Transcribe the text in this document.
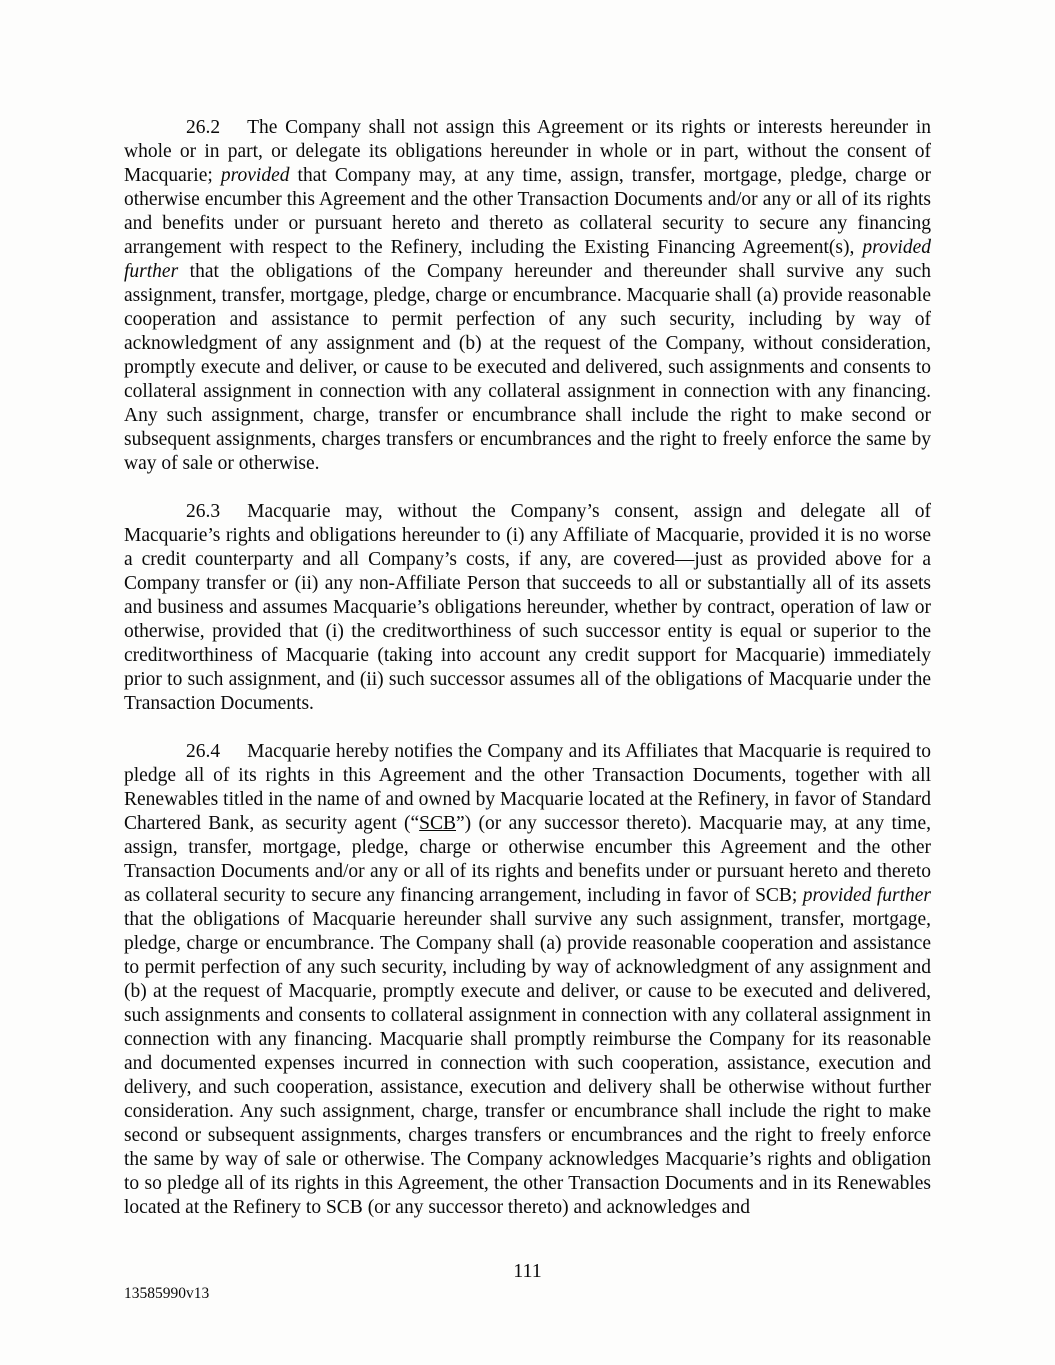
26.2 The Company shall not assign this Agreement or its rights or interests hereunder in whole or in part, or delegate its obligations hereunder in whole or in part, without the consent of Macquarie; provided that Company may, at any time, assign, transfer, mortgage, pledge, charge or otherwise encumber this Agreement and the other Transaction Documents and/or any or all of its rights and benefits under or pursuant hereto and thereto as collateral security to secure any financing arrangement with respect to the Refinery, including the Existing Financing Agreement(s), provided further that the obligations of the Company hereunder and thereunder shall survive any such assignment, transfer, mortgage, pledge, charge or encumbrance. Macquarie shall (a) provide reasonable cooperation and assistance to permit perfection of any such security, including by way of acknowledgment of any assignment and (b) at the request of the Company, without consideration, promptly execute and deliver, or cause to be executed and delivered, such assignments and consents to collateral assignment in connection with any collateral assignment in connection with any financing. Any such assignment, charge, transfer or encumbrance shall include the right to make second or subsequent assignments, charges transfers or encumbrances and the right to freely enforce the same by way of sale or otherwise.

26.3 Macquarie may, without the Company’s consent, assign and delegate all of Macquarie’s rights and obligations hereunder to (i) any Affiliate of Macquarie, provided it is no worse a credit counterparty and all Company’s costs, if any, are covered—just as provided above for a Company transfer or (ii) any non-Affiliate Person that succeeds to all or substantially all of its assets and business and assumes Macquarie’s obligations hereunder, whether by contract, operation of law or otherwise, provided that (i) the creditworthiness of such successor entity is equal or superior to the creditworthiness of Macquarie (taking into account any credit support for Macquarie) immediately prior to such assignment, and (ii) such successor assumes all of the obligations of Macquarie under the Transaction Documents.

26.4 Macquarie hereby notifies the Company and its Affiliates that Macquarie is required to pledge all of its rights in this Agreement and the other Transaction Documents, together with all Renewables titled in the name of and owned by Macquarie located at the Refinery, in favor of Standard Chartered Bank, as security agent (“SCB”) (or any successor thereto). Macquarie may, at any time, assign, transfer, mortgage, pledge, charge or otherwise encumber this Agreement and the other Transaction Documents and/or any or all of its rights and benefits under or pursuant hereto and thereto as collateral security to secure any financing arrangement, including in favor of SCB; provided further that the obligations of Macquarie hereunder shall survive any such assignment, transfer, mortgage, pledge, charge or encumbrance. The Company shall (a) provide reasonable cooperation and assistance to permit perfection of any such security, including by way of acknowledgment of any assignment and (b) at the request of Macquarie, promptly execute and deliver, or cause to be executed and delivered, such assignments and consents to collateral assignment in connection with any collateral assignment in connection with any financing. Macquarie shall promptly reimburse the Company for its reasonable and documented expenses incurred in connection with such cooperation, assistance, execution and delivery, and such cooperation, assistance, execution and delivery shall be otherwise without further consideration. Any such assignment, charge, transfer or encumbrance shall include the right to make second or subsequent assignments, charges transfers or encumbrances and the right to freely enforce the same by way of sale or otherwise. The Company acknowledges Macquarie’s rights and obligation to so pledge all of its rights in this Agreement, the other Transaction Documents and in its Renewables located at the Refinery to SCB (or any successor thereto) and acknowledges and

111
13585990v13
